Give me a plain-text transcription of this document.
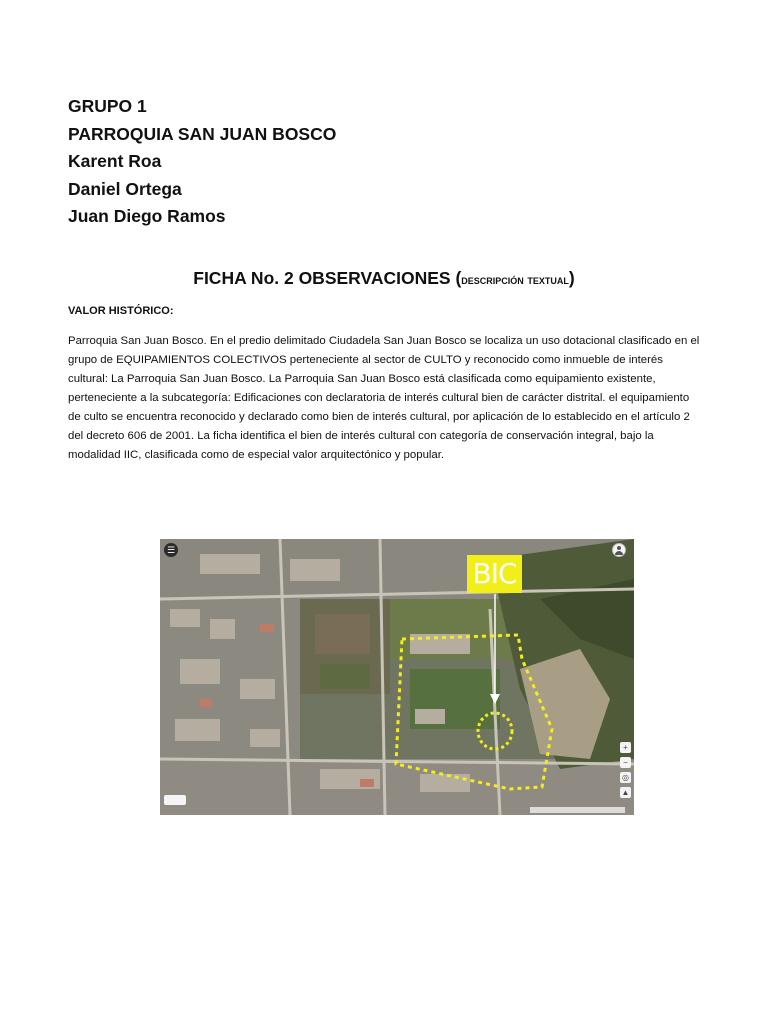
GRUPO 1
PARROQUIA SAN JUAN BOSCO
Karent Roa
Daniel Ortega
Juan Diego Ramos
FICHA No. 2 OBSERVACIONES (descripción textual)
VALOR HISTÓRICO:
Parroquia San Juan Bosco. En el predio delimitado Ciudadela San Juan Bosco se localiza un uso dotacional clasificado en el grupo de EQUIPAMIENTOS COLECTIVOS perteneciente al sector de CULTO y reconocido como inmueble de interés cultural: La Parroquia San Juan Bosco. La Parroquia San Juan Bosco está clasificada como equipamiento existente, perteneciente a la subcategoría: Edificaciones con declaratoria de interés cultural bien de carácter distrital. el equipamiento de culto se encuentra reconocido y declarado como bien de interés cultural, por aplicación de lo establecido en el artículo 2 del decreto 606 de 2001. La ficha identifica el bien de interés cultural con categoría de conservación integral, bajo la modalidad IIC, clasificada como de especial valor arquitectónico y popular.
BIC
☰
+
−
◎
▲
